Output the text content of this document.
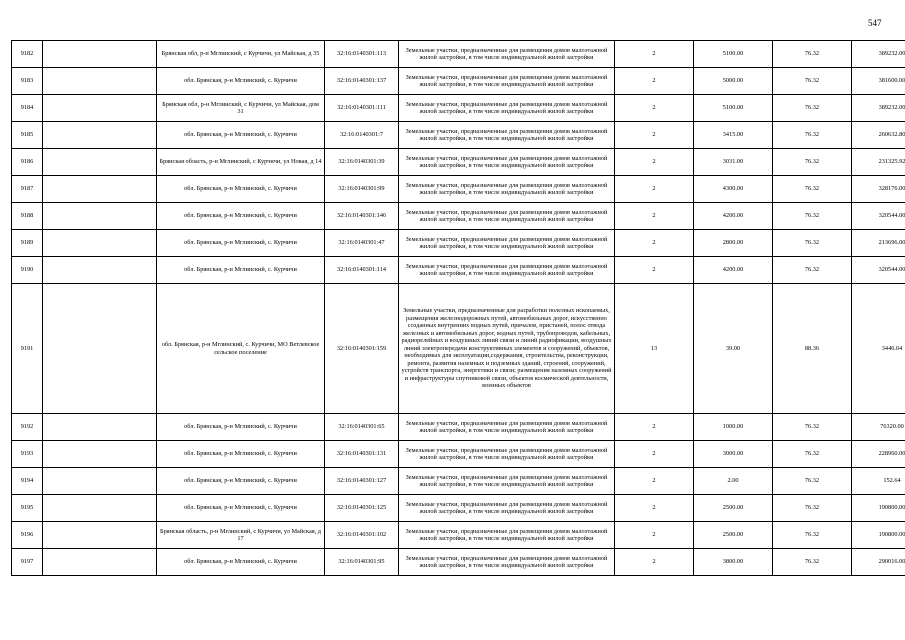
547
9182		Брянская обл, р-н Мглинский, с Курчичи, ул Майская, д 35	32:16:0140301:113	Земельные участки, предназначенные для размещения домов малоэтажной жилой застройки, в том числе индивидуальной жилой застройки	2	5100.00	76.32	389232.00
9183		обл. Брянская, р-н Мглинский, с. Курчичи	32:16:0140301:137	Земельные участки, предназначенные для размещения домов малоэтажной жилой застройки, в том числе индивидуальной жилой застройки	2	5000.00	76.32	381600.00
9184		Брянская обл, р-н Мглинский, с Курчичи, ул Майская, дом 31	32:16:0140301:111	Земельные участки, предназначенные для размещения домов малоэтажной жилой застройки, в том числе индивидуальной жилой застройки	2	5100.00	76.32	389232.00
9185		обл. Брянская, р-н Мглинский, с. Курчичи	32:16:0140301:7	Земельные участки, предназначенные для размещения домов малоэтажной жилой застройки, в том числе индивидуальной жилой застройки	2	3415.00	76.32	260632.80
9186		Брянская область, р-н Мглинский, с Курчичи, ул Новая, д 14	32:16:0140301:39	Земельные участки, предназначенные для размещения домов малоэтажной жилой застройки, в том числе индивидуальной жилой застройки	2	3031.00	76.32	231325.92
9187		обл. Брянская, р-н Мглинский, с. Курчичи	32:16:0140301:99	Земельные участки, предназначенные для размещения домов малоэтажной жилой застройки, в том числе индивидуальной жилой застройки	2	4300.00	76.32	328176.00
9188		обл. Брянская, р-н Мглинский, с. Курчичи	32:16:0140301:146	Земельные участки, предназначенные для размещения домов малоэтажной жилой застройки, в том числе индивидуальной жилой застройки	2	4200.00	76.32	320544.00
9189		обл. Брянская, р-н Мглинский, с. Курчичи	32:16:0140301:47	Земельные участки, предназначенные для размещения домов малоэтажной жилой застройки, в том числе индивидуальной жилой застройки	2	2800.00	76.32	213696.00
9190		обл. Брянская, р-н Мглинский, с. Курчичи	32:16:0140301:114	Земельные участки, предназначенные для размещения домов малоэтажной жилой застройки, в том числе индивидуальной жилой застройки	2	4200.00	76.32	320544.00
9191		обл. Брянская, р-н Мглинский, с. Курчичи, МО Ветлевское сельское поселение	32:16:0140301:159	Земельные участки, предназначенные для разработки полезных ископаемых, размещения железнодорожных путей, автомобильных дорог, искусственно созданных внутренних водных путей, причалов, пристаней, полос отвода железных и автомобильных дорог, водных путей, трубопроводов, кабельных, радиорелейных и воздушных линий связи и линий радиофикации, воздушных линий электропередачи конструктивных элементов и сооружений, объектов, необходимых для эксплуатации,содержания, строительства, реконструкции, ремонта, развития наземных и подземных зданий, строений, сооружений, устройств транспорта, энергетики и связи; размещения наземных сооружений и инфраструктуры спутниковой связи, объектов космической деятельности, военных объектов	13	39.00	88.36	3446.04
9192		обл. Брянская, р-н Мглинский, с. Курчичи	32:16:0140301:65	Земельные участки, предназначенные для размещения домов малоэтажной жилой застройки, в том числе индивидуальной жилой застройки	2	1000.00	76.32	76320.00
9193		обл. Брянская, р-н Мглинский, с. Курчичи	32:16:0140301:131	Земельные участки, предназначенные для размещения домов малоэтажной жилой застройки, в том числе индивидуальной жилой застройки	2	3000.00	76.32	228960.00
9194		обл. Брянская, р-н Мглинский, с. Курчичи	32:16:0140301:127	Земельные участки, предназначенные для размещения домов малоэтажной жилой застройки, в том числе индивидуальной жилой застройки	2	2.00	76.32	152.64
9195		обл. Брянская, р-н Мглинский, с. Курчичи	32:16:0140301:125	Земельные участки, предназначенные для размещения домов малоэтажной жилой застройки, в том числе индивидуальной жилой застройки	2	2500.00	76.32	190800.00
9196		Брянская область, р-н Мглинский, с Курчичи, ул Майская, д 17	32:16:0140301:102	Земельные участки, предназначенные для размещения домов малоэтажной жилой застройки, в том числе индивидуальной жилой застройки	2	2500.00	76.32	190800.00
9197		обл. Брянская, р-н Мглинский, с. Курчичи	32:16:0140301:95	Земельные участки, предназначенные для размещения домов малоэтажной жилой застройки, в том числе индивидуальной жилой застройки	2	3800.00	76.32	290016.00
